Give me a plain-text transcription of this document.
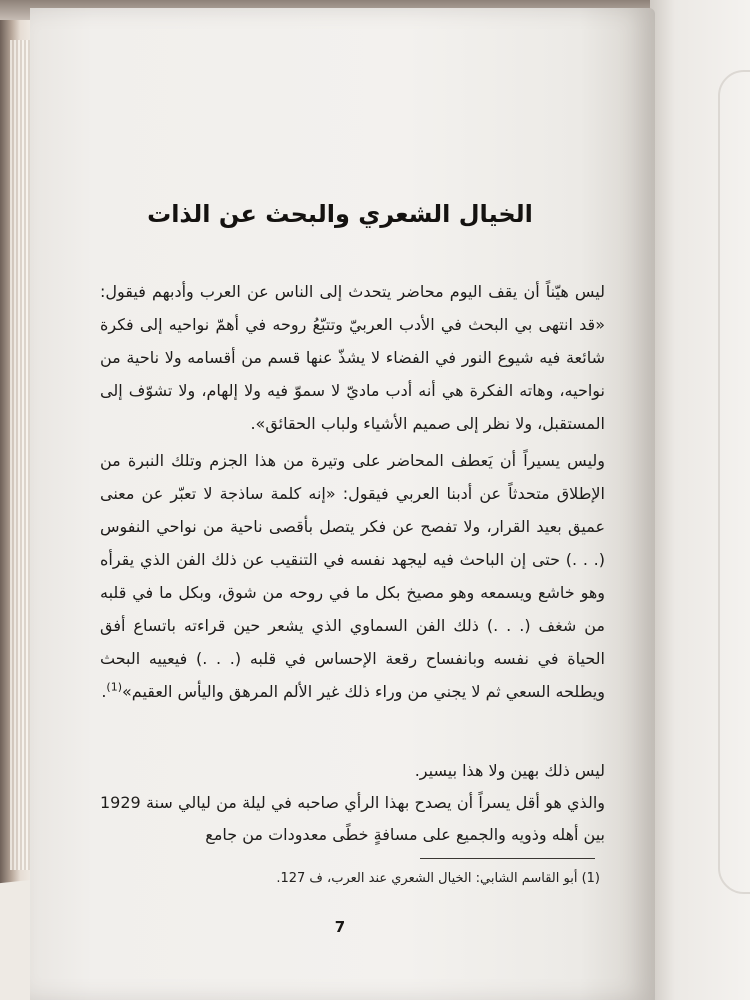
الخيال الشعري والبحث عن الذات

ليس هيّناً أن يقف اليوم محاضر يتحدث إلى الناس عن العرب وأدبهم فيقول: «قد انتهى بي البحث في الأدب العربيّ وتتبّعُ روحه في أهمّ نواحيه إلى فكرة شائعة فيه شيوع النور في الفضاء لا يشذّ عنها قسم من أقسامه ولا ناحية من نواحيه، وهاته الفكرة هي أنه أدب ماديّ لا سموّ فيه ولا إلهام، ولا تشوّف إلى المستقبل، ولا نظر إلى صميم الأشياء ولباب الحقائق».

وليس يسيراً أن يَعطف المحاضر على وتيرة من هذا الجزم وتلك النبرة من الإطلاق متحدثاً عن أدبنا العربي فيقول: «إنه كلمة ساذجة لا تعبّر عن معنى عميق بعيد القرار، ولا تفصح عن فكر يتصل بأقصى ناحية من نواحي النفوس (. . .) حتى إن الباحث فيه ليجهد نفسه في التنقيب عن ذلك الفن الذي يقرأه وهو خاشع ويسمعه وهو مصيخ بكل ما في روحه من شوق، وبكل ما في قلبه من شغف (. . .) ذلك الفن السماوي الذي يشعر حين قراءته باتساع أفق الحياة في نفسه وبانفساح رقعة الإحساس في قلبه (. . .) فيعييه البحث ويطلحه السعي ثم لا يجني من وراء ذلك غير الألم المرهق واليأس العقيم»$^{(1)}$.

ليس ذلك بهين ولا هذا بيسير.
والذي هو أقل يسراً أن يصدح بهذا الرأي صاحبه في ليلة من ليالي سنة 1929 بين أهله وذويه والجميع على مسافةٍ خطًى معدودات من جامع
(1) أبو القاسم الشابي: الخيال الشعري عند العرب، ف 127.
7
